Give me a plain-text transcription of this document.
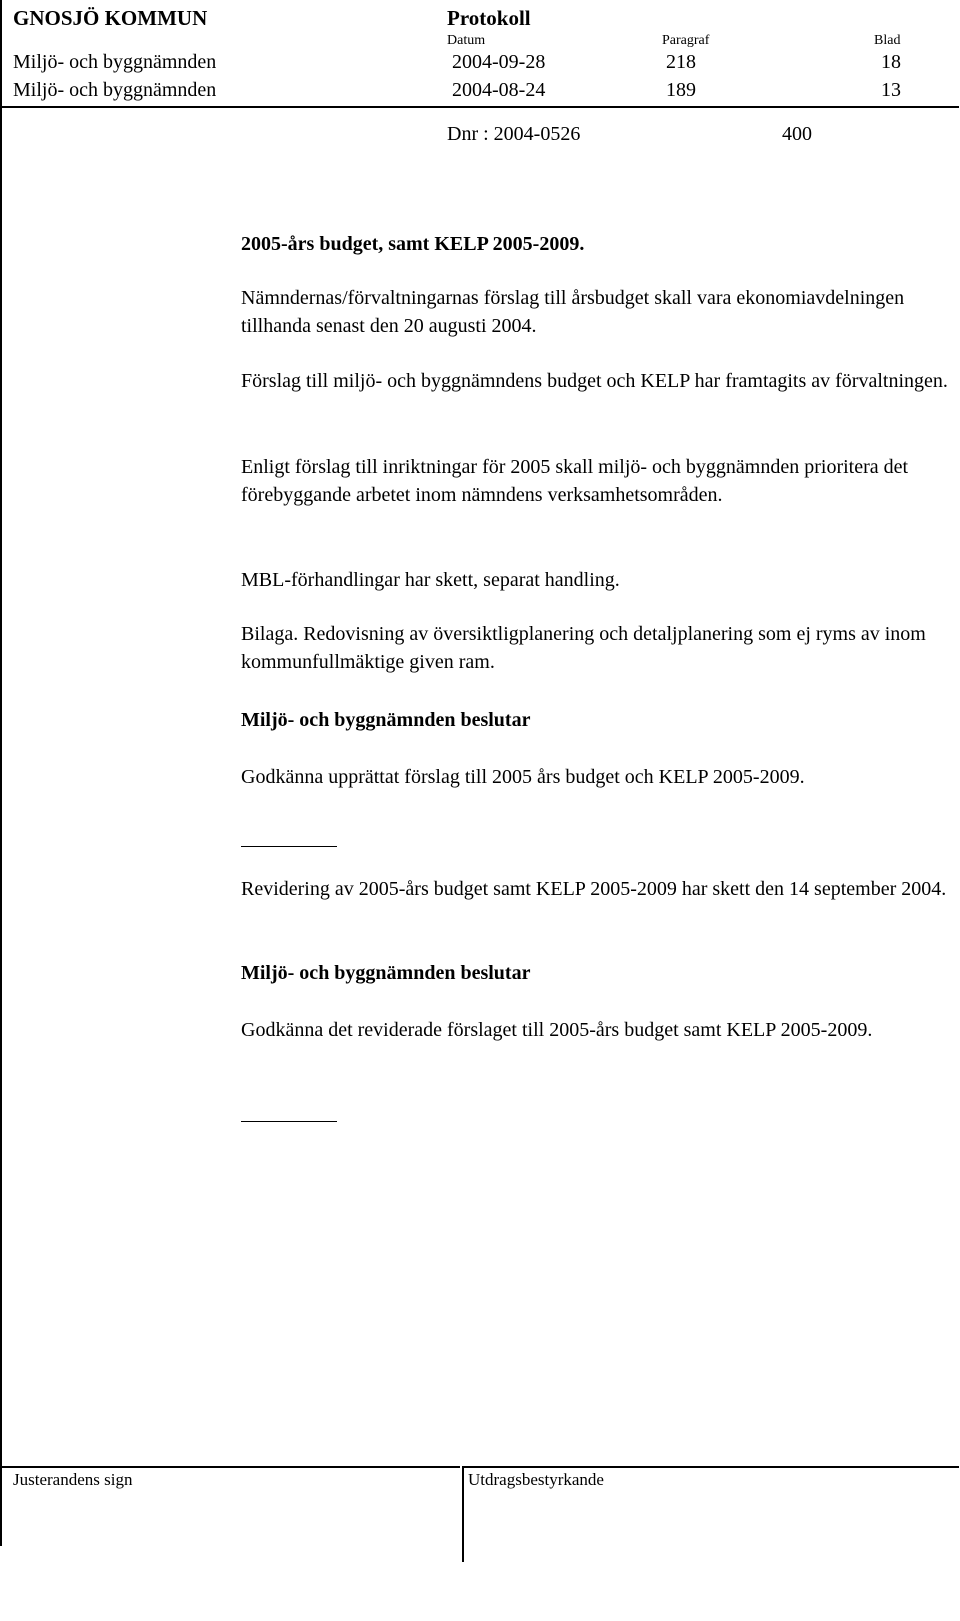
GNOSJÖ KOMMUN	Protokoll
Datum	Paragraf	Blad
Miljö- och byggnämnden	2004-09-28	218	18
Miljö- och byggnämnden	2004-08-24	189	13
Dnr : 2004-0526	400
2005-års budget, samt KELP 2005-2009.
Nämndernas/förvaltningarnas förslag till årsbudget skall vara ekonomiavdelningen tillhanda senast den 20 augusti 2004.
Förslag till miljö- och byggnämndens budget och KELP har framtagits av förvaltningen.
Enligt förslag till inriktningar för 2005 skall miljö- och byggnämnden prioritera det förebyggande arbetet inom nämndens verksamhetsområden.
MBL-förhandlingar har skett, separat handling.
Bilaga. Redovisning av översiktligplanering och detaljplanering som ej ryms av inom kommunfullmäktige given ram.
Miljö- och byggnämnden beslutar
Godkänna upprättat förslag till 2005 års budget och KELP 2005-2009.
Revidering av 2005-års budget samt KELP 2005-2009 har skett den 14 september 2004.
Miljö- och byggnämnden beslutar
Godkänna det reviderade förslaget till 2005-års budget samt KELP 2005-2009.
Justerandens sign	Utdragsbestyrkande
